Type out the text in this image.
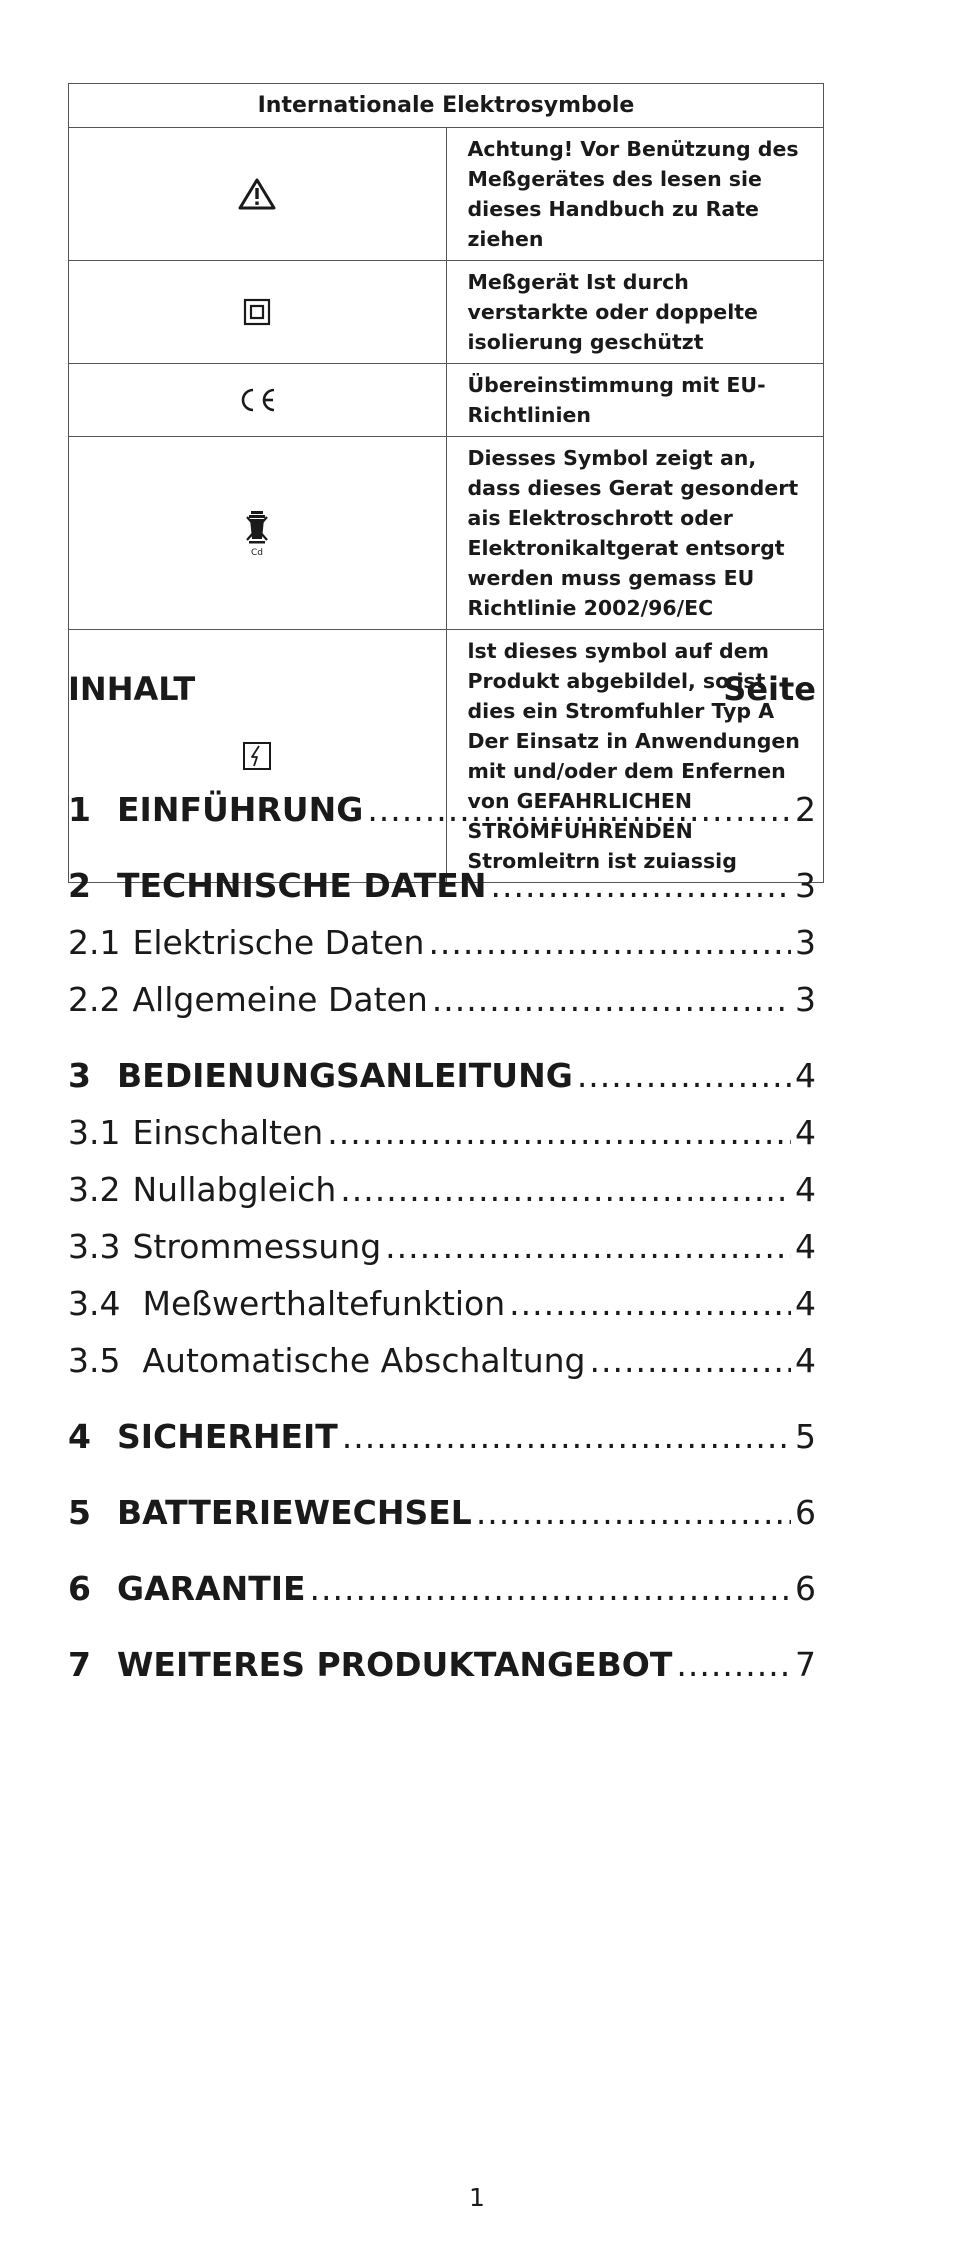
Internationale Elektrosymbole	
	Achtung! Vor Benützung des Meßgerätes des lesen sie dieses Handbuch zu Rate ziehen
	Meßgerät Ist durch verstarkte oder doppelte isolierung geschützt
	Übereinstimmung mit EU-Richtlinien

Cd	Diesses Symbol zeigt an, dass dieses Gerat gesondert ais Elektroschrott oder Elektronikaltgerat entsorgt werden muss gemass EU Richtlinie 2002/96/EC
	lst dieses symbol auf dem Produkt abgebildel, so ist dies ein Stromfuhler Typ A Der Einsatz in Anwendungen mit und/oder dem Enfernen von GEFAHRLICHEN STROMFUHRENDEN Stromleitrn ist zuiassig
INHALT	Seite
1 EINFÜHRUNG .....	2
2 TECHNISCHE DATEN .....	3
2.1 Elektrische Daten .....	3
2.2 Allgemeine Daten .....	3
3 BEDIENUNGSANLEITUNG .....	4
3.1 Einschalten .....	4
3.2 Nullabgleich .....	4
3.3 Strommessung .....	4
3.4 Meßwerthaltefunktion .....	4
3.5 Automatische Abschaltung .....	4
4 SICHERHEIT .....	5
5 BATTERIEWECHSEL .....	6
6 GARANTIE .....	6
7 WEITERES PRODUKTANGEBOT .....	7
1
